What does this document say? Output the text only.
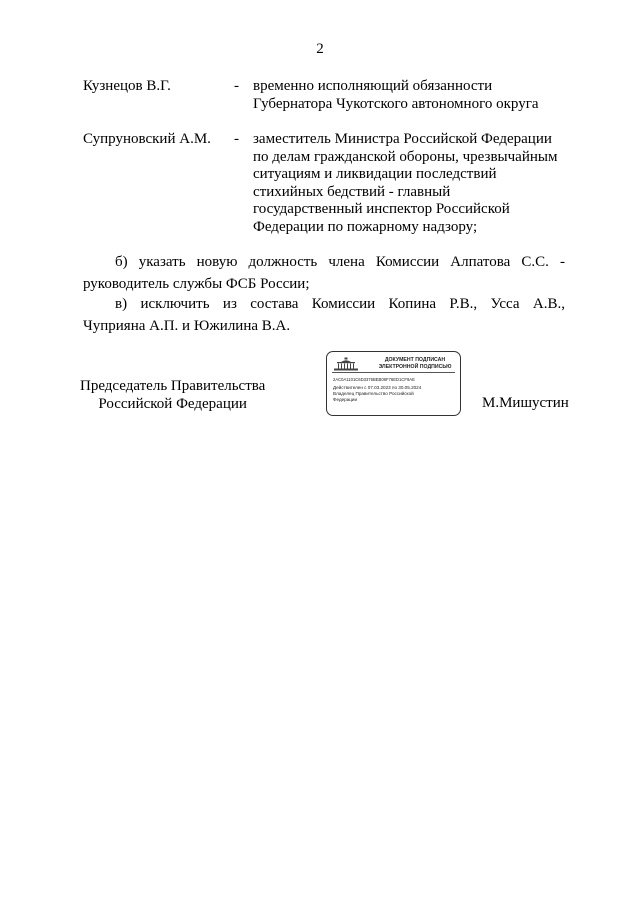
2
Кузнецов В.Г.	- временно исполняющий обязанности
Губернатора Чукотского автономного округа
Супруновский А.М. - заместитель Министра Российской Федерации
по делам гражданской обороны, чрезвычайным
ситуациям и ликвидации последствий
стихийных бедствий - главный
государственный инспектор Российской
Федерации по пожарному надзору;
б) указать новую должность члена Комиссии Алпатова С.С. -
руководитель службы ФСБ России;
в) исключить из состава Комиссии Копина Р.В., Усса А.В.,
Чуприяна А.П. и Южилина В.А.
Председатель Правительства
Российской Федерации
ДОКУМЕНТ ПОДПИСАН
ЭЛЕКТРОННОЙ ПОДПИСЬЮ
2AC0A1101C6D3376BEB08F76ED1CF9AE
Действителен с 07.03.2023 по 30.05.2024
Владелец Правительство Российской
Федерации	М.Мишустин
